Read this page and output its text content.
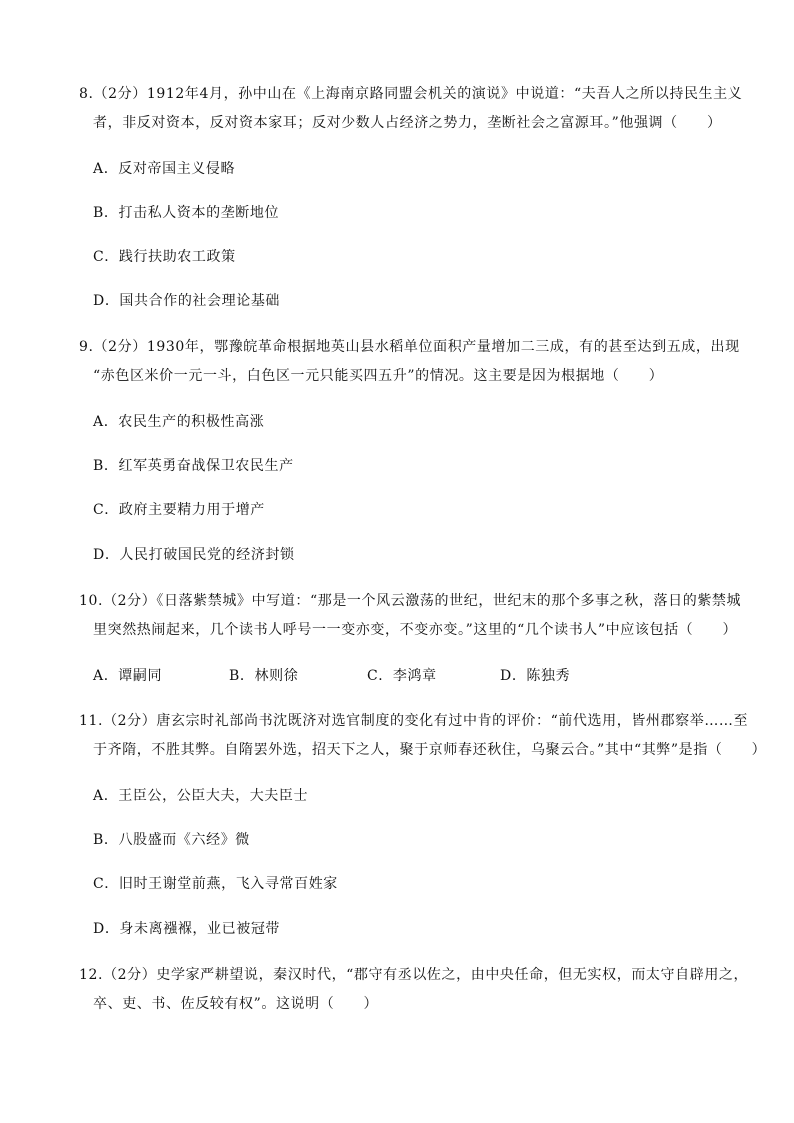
8.（2分）1912年4月，孙中山在《上海南京路同盟会机关的演说》中说道：“夫吾人之所以持民生主义
者，非反对资本，反对资本家耳；反对少数人占经济之势力，垄断社会之富源耳。”他强调（　　）
A．反对帝国主义侵略
B．打击私人资本的垄断地位
C．践行扶助农工政策
D．国共合作的社会理论基础
9.（2分）1930年，鄂豫皖革命根据地英山县水稻单位面积产量增加二三成，有的甚至达到五成，出现
“赤色区米价一元一斗，白色区一元只能买四五升”的情况。这主要是因为根据地（　　）
A．农民生产的积极性高涨
B．红军英勇奋战保卫农民生产
C．政府主要精力用于增产
D．人民打破国民党的经济封锁
10.（2分）《日落紫禁城》中写道：“那是一个风云激荡的世纪，世纪末的那个多事之秋，落日的紫禁城
里突然热闹起来，几个读书人呼号一一变亦变，不变亦变。”这里的“几个读书人”中应该包括（　　）
A．谭嗣同	B．林则徐	C．李鸿章	D．陈独秀
11.（2分）唐玄宗时礼部尚书沈既济对选官制度的变化有过中肯的评价：“前代选用，皆州郡察举……至
于齐隋，不胜其弊。自隋罢外选，招天下之人，聚于京师春还秋住，乌聚云合。”其中“其弊”是指（　　）
A．王臣公，公臣大夫，大夫臣士
B．八股盛而《六经》微
C．旧时王谢堂前燕，飞入寻常百姓家
D．身未离襁褓，业已被冠带
12.（2分）史学家严耕望说，秦汉时代，“郡守有丞以佐之，由中央任命，但无实权，而太守自辟用之，
卒、吏、书、佐反较有权”。这说明（　　）
